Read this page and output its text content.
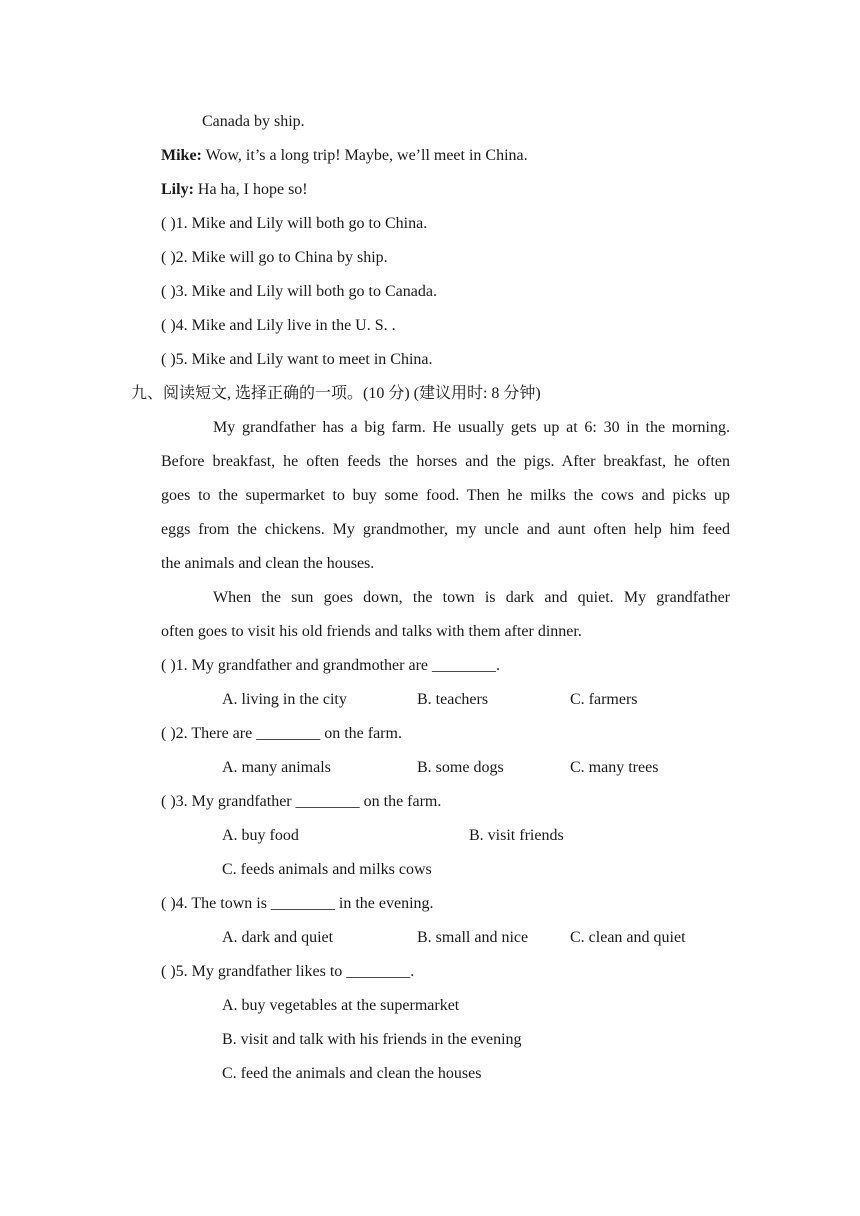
Canada by ship.
Mike: Wow, it’s a long trip! Maybe, we’ll meet in China.
Lily: Ha ha, I hope so!
( )1. Mike and Lily will both go to China.
( )2. Mike will go to China by ship.
( )3. Mike and Lily will both go to Canada.
( )4. Mike and Lily live in the U. S. .
( )5. Mike and Lily want to meet in China.
九、阅读短文, 选择正确的一项。(10 分) (建议用时: 8 分钟)
My grandfather has a big farm. He usually gets up at 6: 30 in the morning.
Before breakfast, he often feeds the horses and the pigs. After breakfast, he often
goes to the supermarket to buy some food. Then he milks the cows and picks up
eggs from the chickens. My grandmother, my uncle and aunt often help him feed
the animals and clean the houses.
When the sun goes down, the town is dark and quiet. My grandfather
often goes to visit his old friends and talks with them after dinner.
( )1. My grandfather and grandmother are ________.
A. living in the city	B. teachers	C. farmers
( )2. There are ________ on the farm.
A. many animals	B. some dogs	C. many trees
( )3. My grandfather ________ on the farm.
A. buy food	B. visit friends
C. feeds animals and milks cows
( )4. The town is ________ in the evening.
A. dark and quiet	B. small and nice	C. clean and quiet
( )5. My grandfather likes to ________.
A. buy vegetables at the supermarket
B. visit and talk with his friends in the evening
C. feed the animals and clean the houses
